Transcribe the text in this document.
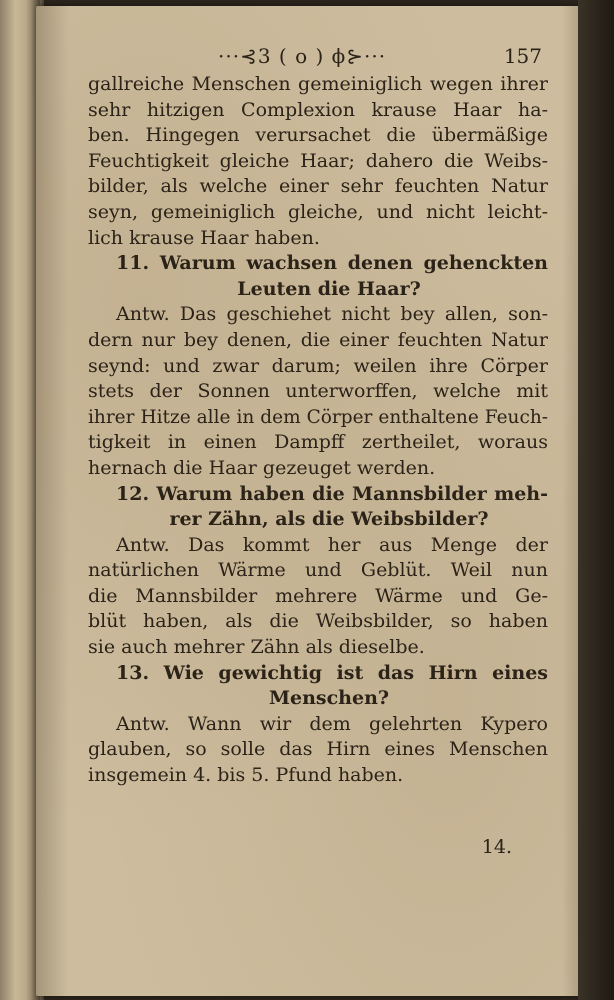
···⊰3 ( o ) ϕ⊱···	157
gallreiche Menschen gemeiniglich wegen ihrer
sehr hitzigen Complexion krause Haar ha-
ben. Hingegen verursachet die übermäßige
Feuchtigkeit gleiche Haar; dahero die Weibs-
bilder, als welche einer sehr feuchten Natur
seyn, gemeiniglich gleiche, und nicht leicht-
lich krause Haar haben.
11. Warum wachsen denen gehenckten
Leuten die Haar?
Antw. Das geschiehet nicht bey allen, son-
dern nur bey denen, die einer feuchten Natur
seynd: und zwar darum; weilen ihre Cörper
stets der Sonnen unterworffen, welche mit
ihrer Hitze alle in dem Cörper enthaltene Feuch-
tigkeit in einen Dampff zertheilet, woraus
hernach die Haar gezeuget werden.
12. Warum haben die Mannsbilder meh-
rer Zähn, als die Weibsbilder?
Antw. Das kommt her aus Menge der
natürlichen Wärme und Geblüt. Weil nun
die Mannsbilder mehrere Wärme und Ge-
blüt haben, als die Weibsbilder, so haben
sie auch mehrer Zähn als dieselbe.
13. Wie gewichtig ist das Hirn eines
Menschen?
Antw. Wann wir dem gelehrten Kypero
glauben, so solle das Hirn eines Menschen
insgemein 4. bis 5. Pfund haben.
14.
